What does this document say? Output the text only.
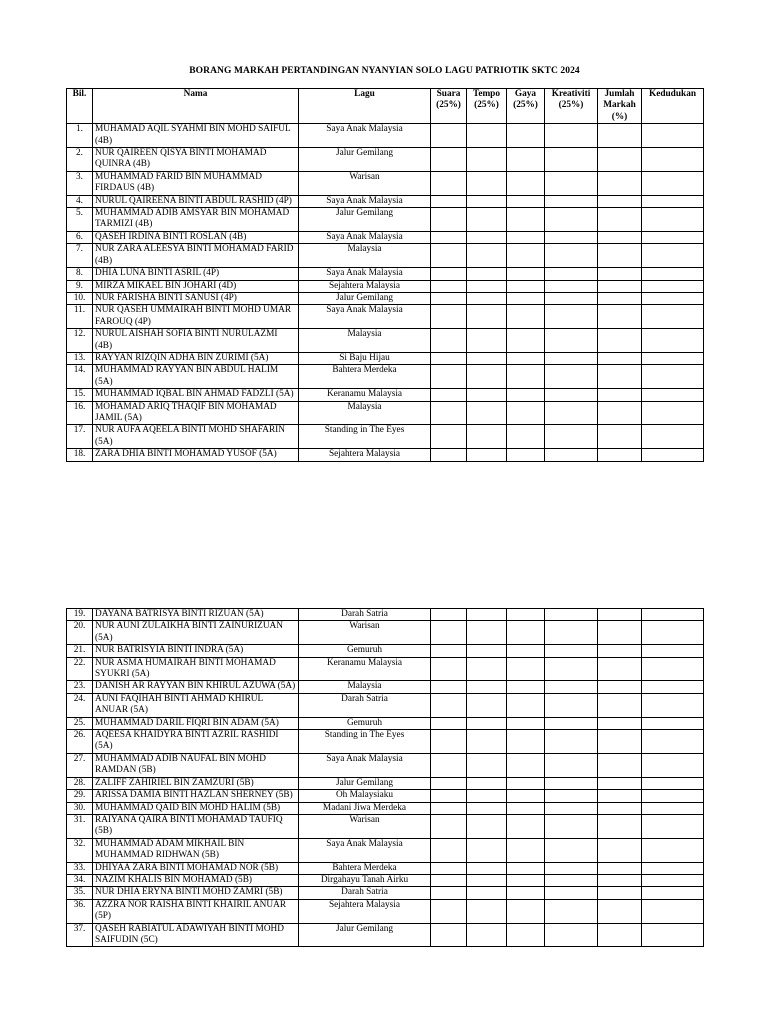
BORANG MARKAH PERTANDINGAN NYANYIAN SOLO LAGU PATRIOTIK SKTC 2024
Bil.	Nama	Lagu	Suara (25%)	Tempo (25%)	Gaya (25%)	Kreativiti (25%)	Jumlah Markah (%)	Kedudukan
1.	MUHAMAD AQIL SYAHMI BIN MOHD SAIFUL (4B)	Saya Anak Malaysia						
2.	NUR QAIREEN QISYA BINTI MOHAMAD QUINRA (4B)	Jalur Gemilang						
3.	MUHAMMAD FARID BIN MUHAMMAD FIRDAUS (4B)	Warisan						
4.	NURUL QAIREENA BINTI ABDUL RASHID (4P)	Saya Anak Malaysia						
5.	MUHAMMAD ADIB AMSYAR BIN MOHAMAD TARMIZI (4B)	Jalur Gemilang						
6.	QASEH IRDINA BINTI ROSLAN (4B)	Saya Anak Malaysia						
7.	NUR ZARA ALEESYA BINTI MOHAMAD FARID (4B)	Malaysia						
8.	DHIA LUNA BINTI ASRIL (4P)	Saya Anak Malaysia						
9.	MIRZA MIKAEL BIN JOHARI (4D)	Sejahtera Malaysia						
10.	NUR FARISHA BINTI SANUSI (4P)	Jalur Gemilang						
11.	NUR QASEH UMMAIRAH BINTI MOHD UMAR FAROUQ (4P)	Saya Anak Malaysia						
12.	NURUL AISHAH SOFIA BINTI NURULAZMI (4B)	Malaysia						
13.	RAYYAN RIZQIN ADHA BIN ZURIMI (5A)	Si Baju Hijau						
14.	MUHAMMAD RAYYAN BIN ABDUL HALIM (5A)	Bahtera Merdeka						
15.	MUHAMMAD IQBAL BIN AHMAD FADZLI (5A)	Keranamu Malaysia						
16.	MOHAMAD ARIQ THAQIF BIN MOHAMAD JAMIL (5A)	Malaysia						
17.	NUR AUFA AQEELA BINTI MOHD SHAFARIN (5A)	Standing in The Eyes						
18.	ZARA DHIA BINTI MOHAMAD YUSOF (5A)	Sejahtera Malaysia						
19.	DAYANA BATRISYA BINTI RIZUAN (5A)	Darah Satria						
20.	NUR AUNI ZULAIKHA BINTI ZAINURIZUAN (5A)	Warisan						
21.	NUR BATRISYIA BINTI INDRA (5A)	Gemuruh						
22.	NUR ASMA HUMAIRAH BINTI MOHAMAD SYUKRI (5A)	Keranamu Malaysia						
23.	DANISH AR RAYYAN BIN KHIRUL AZUWA (5A)	Malaysia						
24.	AUNI FAQIHAH BINTI AHMAD KHIRUL ANUAR (5A)	Darah Satria						
25.	MUHAMMAD DARIL FIQRI BIN ADAM (5A)	Gemuruh						
26.	AQEESA KHAIDYRA BINTI AZRIL RASHIDI (5A)	Standing in The Eyes						
27.	MUHAMMAD ADIB NAUFAL BIN MOHD RAMDAN (5B)	Saya Anak Malaysia						
28.	ZALIFF ZAHIRIEL BIN ZAMZURI (5B)	Jalur Gemilang						
29.	ARISSA DAMIA BINTI HAZLAN SHERNEY (5B)	Oh Malaysiaku						
30.	MUHAMMAD QAID BIN MOHD HALIM (5B)	Madani Jiwa Merdeka						
31.	RAIYANA QAIRA BINTI MOHAMAD TAUFIQ (5B)	Warisan						
32.	MUHAMMAD ADAM MIKHAIL BIN MUHAMMAD RIDHWAN (5B)	Saya Anak Malaysia						
33.	DHIYAA ZARA BINTI MOHAMAD NOR (5B)	Bahtera Merdeka						
34.	NAZIM KHALIS BIN MOHAMAD (5B)	Dirgahayu Tanah Airku						
35.	NUR DHIA ERYNA BINTI MOHD ZAMRI (5B)	Darah Satria						
36.	AZZRA NOR RAISHA BINTI KHAIRIL ANUAR (5P)	Sejahtera Malaysia						
37.	QASEH RABIATUL ADAWIYAH BINTI MOHD SAIFUDIN (5C)	Jalur Gemilang						
